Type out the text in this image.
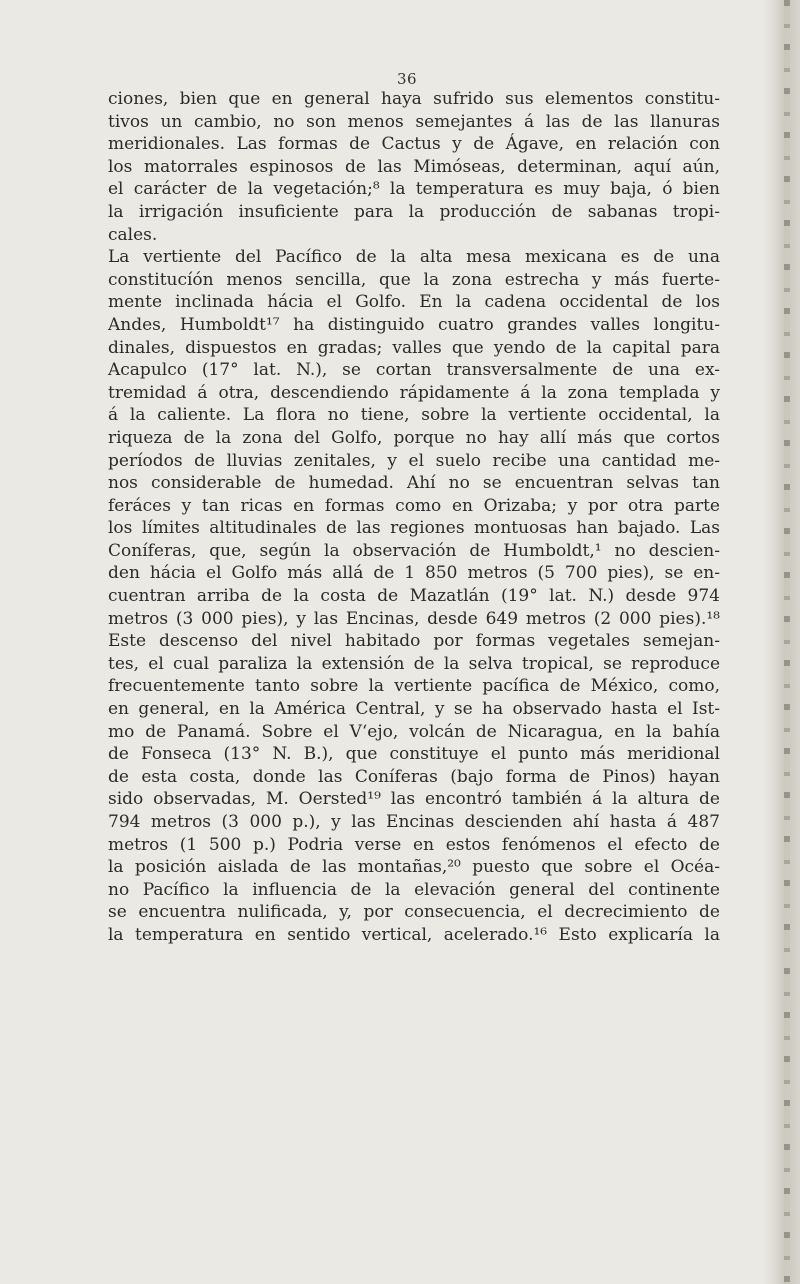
36
ciones, bien que en general haya sufrido sus elementos constitu-
tivos un cambio, no son menos semejantes á las de las llanuras
meridionales. Las formas de Cactus y de Ágave, en relación con
los matorrales espinosos de las Mimóseas, determinan, aquí aún,
el carácter de la vegetación;⁸ la temperatura es muy baja, ó bien
la irrigación insuficiente para la producción de sabanas tropi-
cales.
La vertiente del Pacífico de la alta mesa mexicana es de una
constitucíón menos sencilla, que la zona estrecha y más fuerte-
mente inclinada hácia el Golfo. En la cadena occidental de los
Andes, Humboldt¹⁷ ha distinguido cuatro grandes valles longitu-
dinales, dispuestos en gradas; valles que yendo de la capital para
Acapulco (17° lat. N.), se cortan transversalmente de una ex-
tremidad á otra, descendiendo rápidamente á la zona templada y
á la caliente. La flora no tiene, sobre la vertiente occidental, la
riqueza de la zona del Golfo, porque no hay allí más que cortos
períodos de lluvias zenitales, y el suelo recibe una cantidad me-
nos considerable de humedad. Ahí no se encuentran selvas tan
feráces y tan ricas en formas como en Orizaba; y por otra parte
los límites altitudinales de las regiones montuosas han bajado. Las
Coníferas, que, según la observación de Humboldt,¹ no descien-
den hácia el Golfo más allá de 1 850 metros (5 700 pies), se en-
cuentran arriba de la costa de Mazatlán (19° lat. N.) desde 974
metros (3 000 pies), y las Encinas, desde 649 metros (2 000 pies).¹⁸
Este descenso del nivel habitado por formas vegetales semejan-
tes, el cual paraliza la extensión de la selva tropical, se reproduce
frecuentemente tanto sobre la vertiente pacífica de México, como,
en general, en la América Central, y se ha observado hasta el Ist-
mo de Panamá. Sobre el V‘ejo, volcán de Nicaragua, en la bahía
de Fonseca (13° N. B.), que constituye el punto más meridional
de esta costa, donde las Coníferas (bajo forma de Pinos) hayan
sido observadas, M. Oersted¹⁹ las encontró también á la altura de
794 metros (3 000 p.), y las Encinas descienden ahí hasta á 487
metros (1 500 p.) Podria verse en estos fenómenos el efecto de
la posición aislada de las montañas,²⁰ puesto que sobre el Océa-
no Pacífico la influencia de la elevación general del continente
se encuentra nulificada, y, por consecuencia, el decrecimiento de
la temperatura en sentido vertical, acelerado.¹⁶ Esto explicaría la
